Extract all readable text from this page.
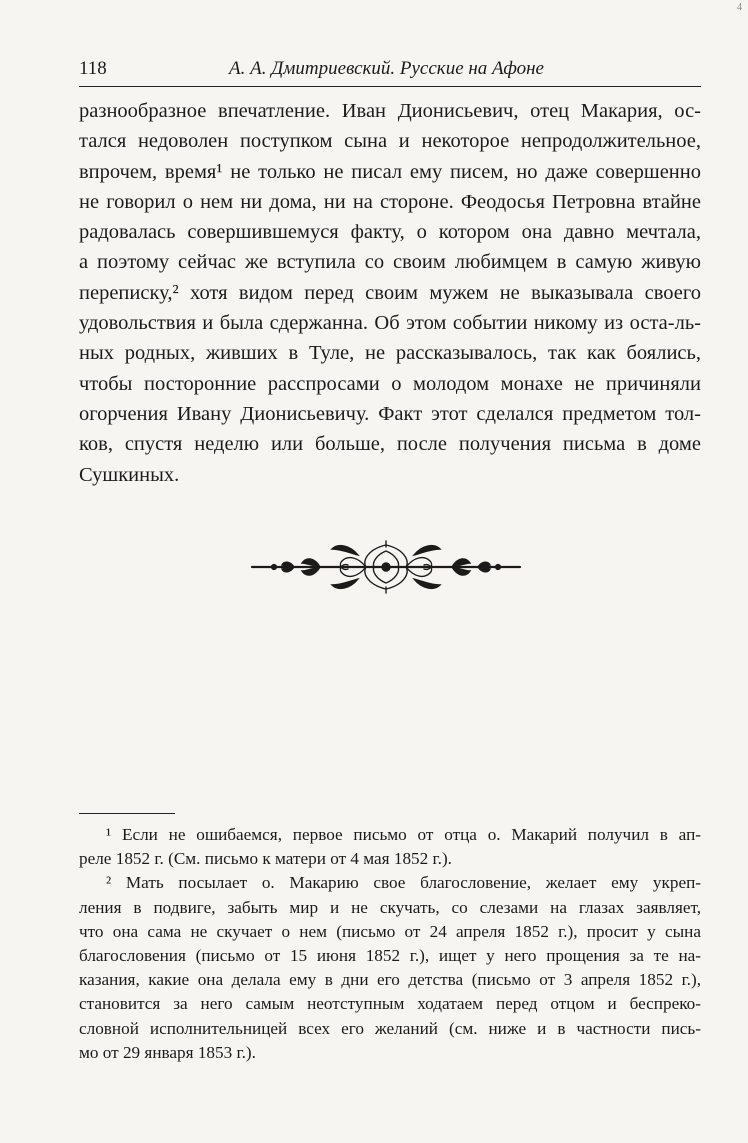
4
118	А. А. Дмитриевский. Русские на Афоне
разнообразное впечатление. Иван Дионисьевич, отец Макария, ос-
тался недоволен поступком сына и некоторое непродолжительное,
впрочем, время¹ не только не писал ему писем, но даже совершенно
не говорил о нем ни дома, ни на стороне. Феодосья Петровна втайне
радовалась совершившемуся факту, о котором она давно мечтала,
а поэтому сейчас же вступила со своим любимцем в самую живую
переписку,² хотя видом перед своим мужем не выказывала своего
удовольствия и была сдержанна. Об этом событии никому из оста-ль-
ных родных, живших в Туле, не рассказывалось, так как боялись,
чтобы посторонние расспросами о молодом монахе не причиняли
огорчения Ивану Дионисьевичу. Факт этот сделался предметом тол-
ков, спустя неделю или больше, после получения письма в доме
Сушкиных.
¹ Если не ошибаемся, первое письмо от отца о. Макарий получил в ап-
реле 1852 г. (См. письмо к матери от 4 мая 1852 г.).
² Мать посылает о. Макарию свое благословение, желает ему укреп-
ления в подвиге, забыть мир и не скучать, со слезами на глазах заявляет,
что она сама не скучает о нем (письмо от 24 апреля 1852 г.), просит у сына
благословения (письмо от 15 июня 1852 г.), ищет у него прощения за те на-
казания, какие она делала ему в дни его детства (письмо от 3 апреля 1852 г.),
становится за него самым неотступным ходатаем перед отцом и беспреко-
словной исполнительницей всех его желаний (см. ниже и в частности пись-
мо от 29 января 1853 г.).
